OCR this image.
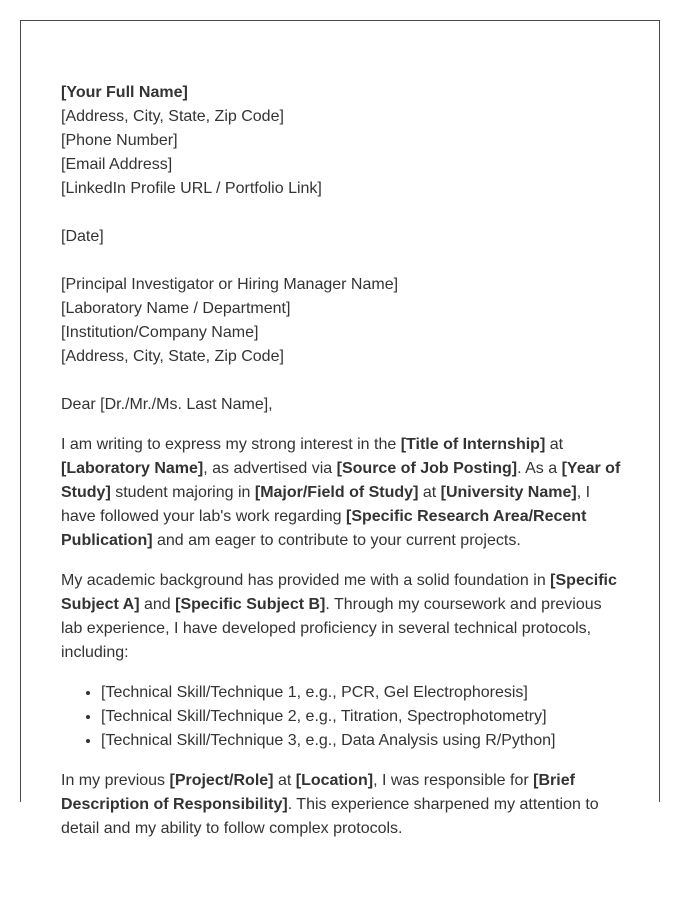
[Your Full Name]
[Address, City, State, Zip Code]
[Phone Number]
[Email Address]
[LinkedIn Profile URL / Portfolio Link]
[Date]
[Principal Investigator or Hiring Manager Name]
[Laboratory Name / Department]
[Institution/Company Name]
[Address, City, State, Zip Code]

Dear [Dr./Mr./Ms. Last Name],

I am writing to express my strong interest in the [Title of Internship] at [Laboratory Name], as advertised via [Source of Job Posting]. As a [Year of Study] student majoring in [Major/Field of Study] at [University Name], I have followed your lab's work regarding [Specific Research Area/Recent Publication] and am eager to contribute to your current projects.

My academic background has provided me with a solid foundation in [Specific Subject A] and [Specific Subject B]. Through my coursework and previous lab experience, I have developed proficiency in several technical protocols, including:

• [Technical Skill/Technique 1, e.g., PCR, Gel Electrophoresis]
• [Technical Skill/Technique 2, e.g., Titration, Spectrophotometry]
• [Technical Skill/Technique 3, e.g., Data Analysis using R/Python]

In my previous [Project/Role] at [Location], I was responsible for [Brief Description of Responsibility]. This experience sharpened my attention to detail and my ability to follow complex protocols.
